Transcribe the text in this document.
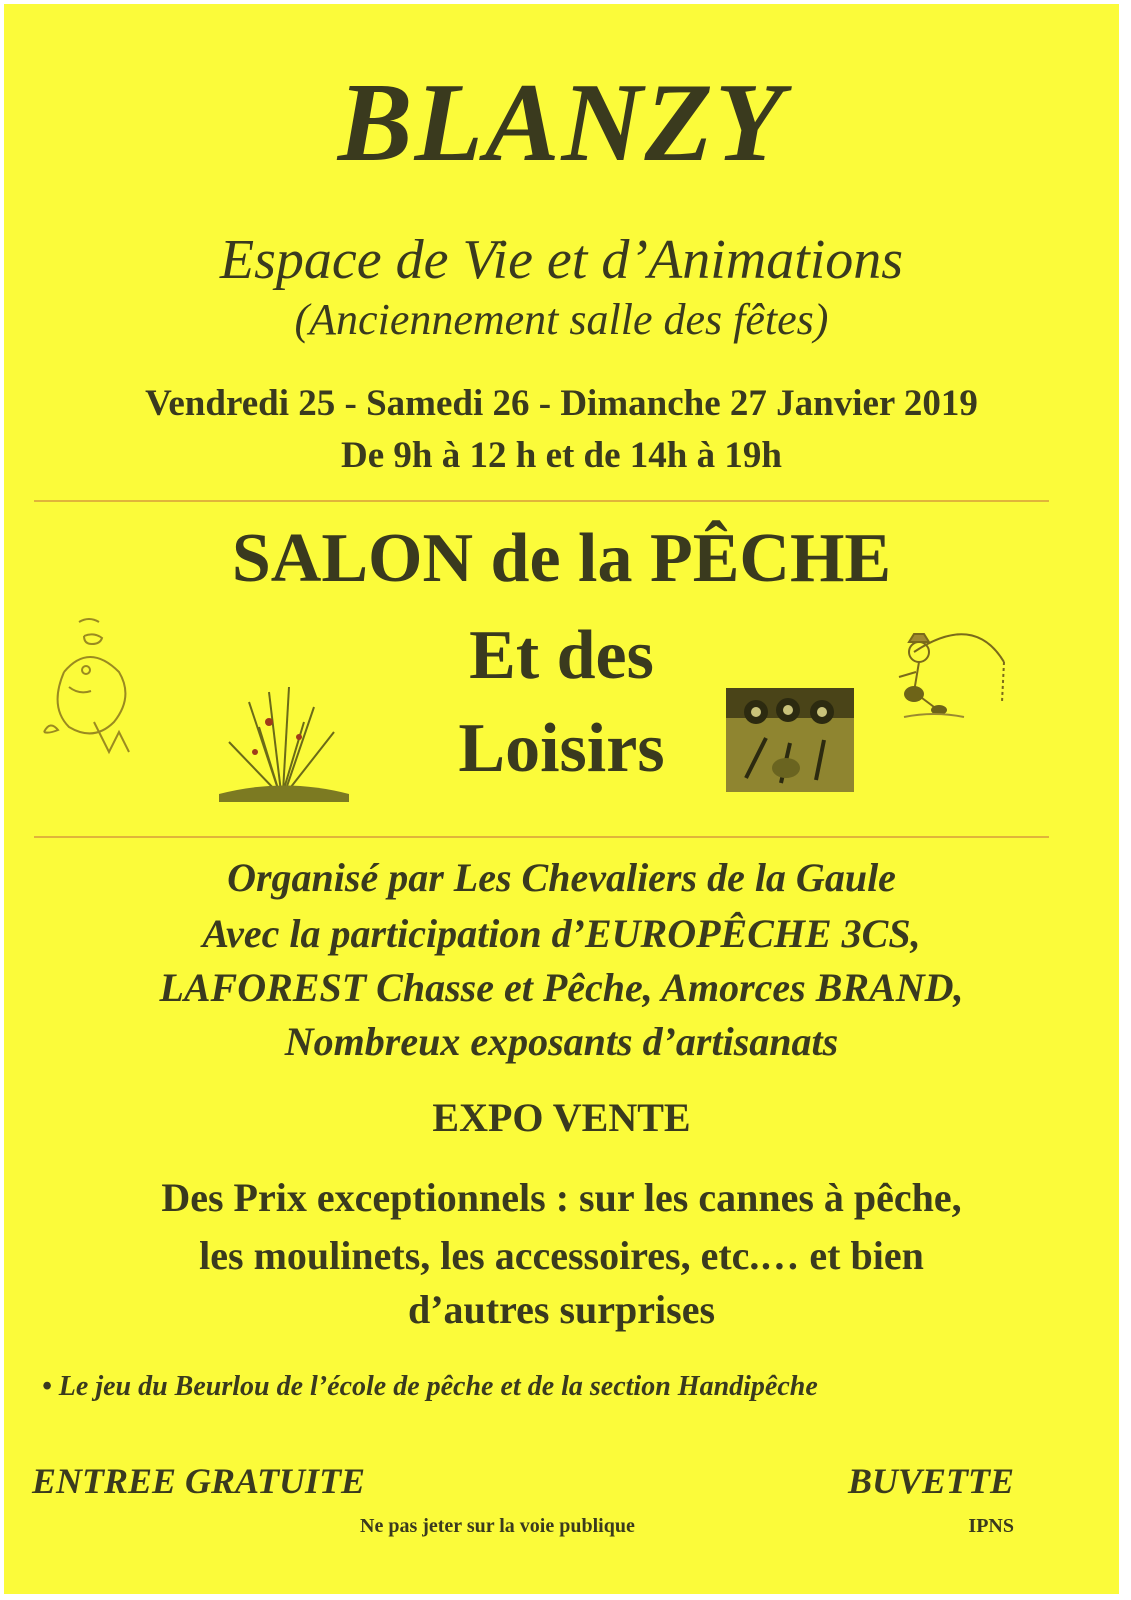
BLANZY
Espace de Vie et d’Animations
(Anciennement salle des fêtes)
Vendredi 25 - Samedi 26 - Dimanche 27 Janvier 2019
De 9h à 12 h et de 14h à 19h
SALON de la PÊCHE
Et des
Loisirs
Organisé par Les Chevaliers de la Gaule
Avec la participation d’EUROPÊCHE 3CS,
LAFOREST Chasse et Pêche, Amorces BRAND,
Nombreux exposants d’artisanats
EXPO VENTE
Des Prix exceptionnels : sur les cannes à pêche,
les moulinets, les accessoires, etc.… et bien
d’autres surprises
• Le jeu du Beurlou de l’école de pêche et de la section Handipêche
ENTREE GRATUITE	BUVETTE
Ne pas jeter sur la voie publique	IPNS
